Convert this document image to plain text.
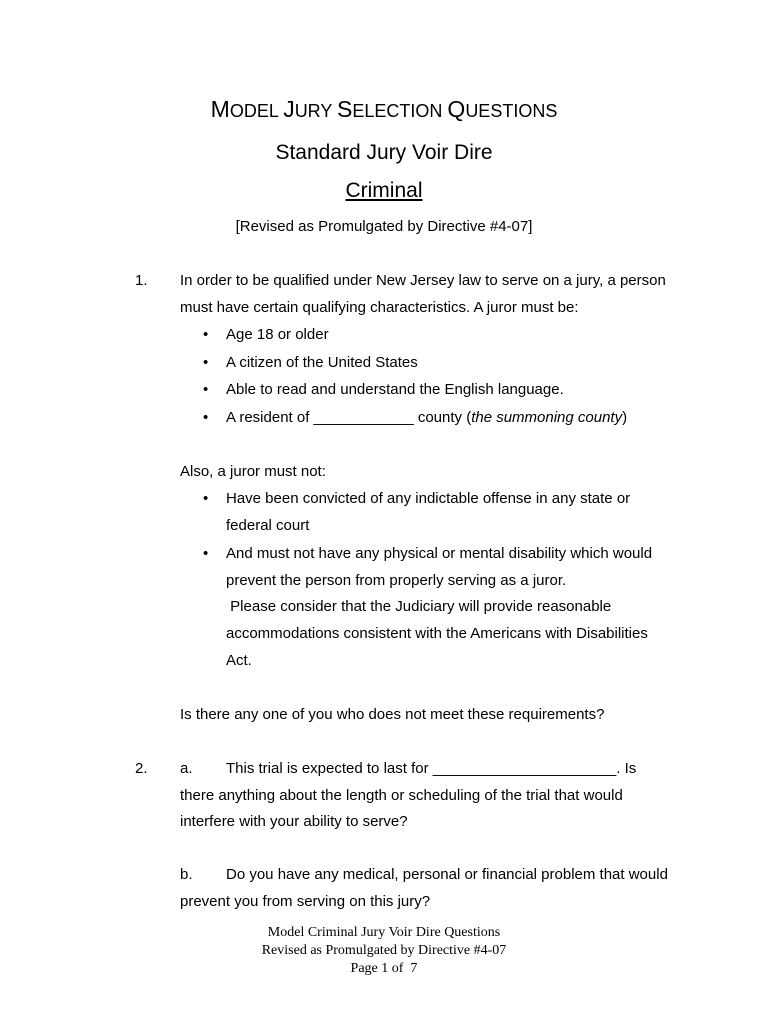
MODEL JURY SELECTION QUESTIONS
Standard Jury Voir Dire
Criminal
[Revised as Promulgated by Directive #4-07]
1. In order to be qualified under New Jersey law to serve on a jury, a person
must have certain qualifying characteristics. A juror must be:
• Age 18 or older
• A citizen of the United States
• Able to read and understand the English language.
• A resident of ____________ county (the summoning county)
Also, a juror must not:
• Have been convicted of any indictable offense in any state or
federal court
• And must not have any physical or mental disability which would
prevent the person from properly serving as a juror.
Please consider that the Judiciary will provide reasonable
accommodations consistent with the Americans with Disabilities
Act.
Is there any one of you who does not meet these requirements?
2. a. This trial is expected to last for ______________________. Is
there anything about the length or scheduling of the trial that would
interfere with your ability to serve?
b. Do you have any medical, personal or financial problem that would
prevent you from serving on this jury?
Model Criminal Jury Voir Dire Questions
Revised as Promulgated by Directive #4-07
Page 1 of  7
